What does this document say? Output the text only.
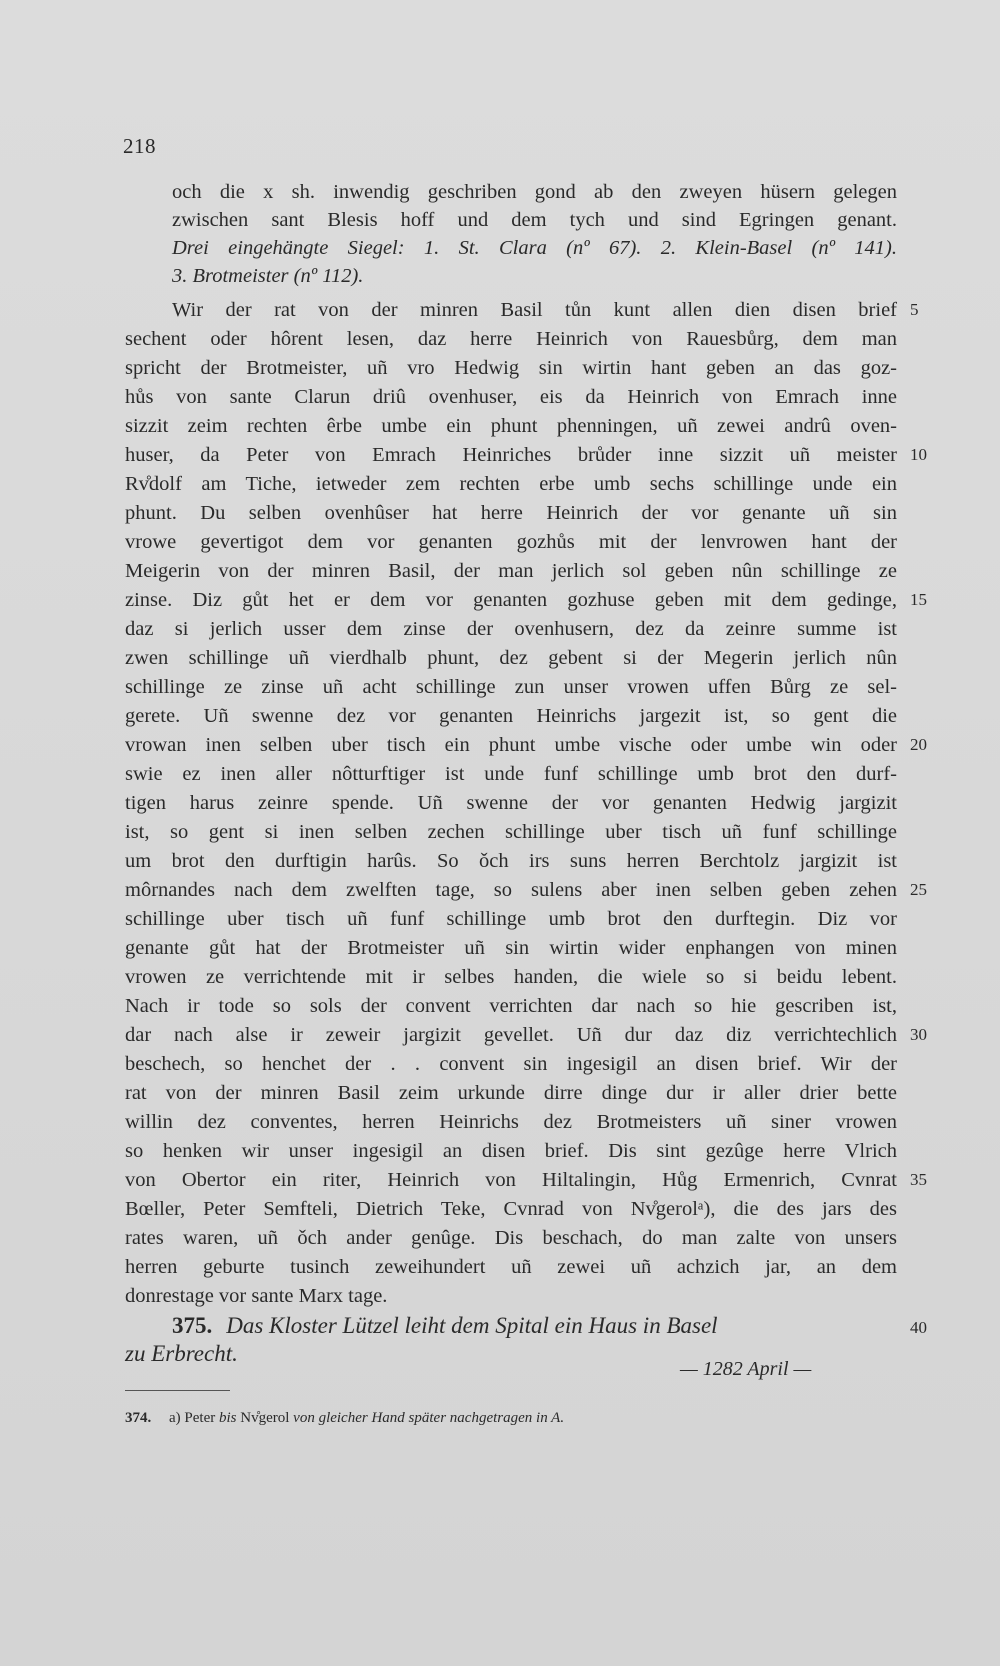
218
och die x sh. inwendig geschriben gond ab den zweyen hüsern gelegen
zwischen sant Blesis hoff und dem tych und sind Egringen genant.
Drei eingehängte Siegel: 1. St. Clara (nº 67). 2. Klein-Basel (nº 141).
3. Brotmeister (nº 112).
Wir der rat von der minren Basil tůn kunt allen dien disen brief
sechent oder hôrent lesen, daz herre Heinrich von Rauesbůrg, dem man
spricht der Brotmeister, uñ vro Hedwig sin wirtin hant geben an das goz-
hůs von sante Clarun driû ovenhuser, eis da Heinrich von Emrach inne
sizzit zeim rechten êrbe umbe ein phunt phenningen, uñ zewei andrû oven-
huser, da Peter von Emrach Heinriches brůder inne sizzit uñ meister
Rv̊dolf am Tiche, ietweder zem rechten erbe umb sechs schillinge unde ein
phunt. Du selben ovenhûser hat herre Heinrich der vor genante uñ sin
vrowe gevertigot dem vor genanten gozhůs mit der lenvrowen hant der
Meigerin von der minren Basil, der man jerlich sol geben nûn schillinge ze
zinse. Diz gůt het er dem vor genanten gozhuse geben mit dem gedinge,
daz si jerlich usser dem zinse der ovenhusern, dez da zeinre summe ist
zwen schillinge uñ vierdhalb phunt, dez gebent si der Megerin jerlich nûn
schillinge ze zinse uñ acht schillinge zun unser vrowen uffen Bůrg ze sel-
gerete. Uñ swenne dez vor genanten Heinrichs jargezit ist, so gent die
vrowan inen selben uber tisch ein phunt umbe vische oder umbe win oder
swie ez inen aller nôtturftiger ist unde funf schillinge umb brot den durf-
tigen harus zeinre spende. Uñ swenne der vor genanten Hedwig jargizit
ist, so gent si inen selben zechen schillinge uber tisch uñ funf schillinge
um brot den durftigin harûs. So ǒch irs suns herren Berchtolz jargizit ist
môrnandes nach dem zwelften tage, so sulens aber inen selben geben zehen
schillinge uber tisch uñ funf schillinge umb brot den durftegin. Diz vor
genante gůt hat der Brotmeister uñ sin wirtin wider enphangen von minen
vrowen ze verrichtende mit ir selbes handen, die wiele so si beidu lebent.
Nach ir tode so sols der convent verrichten dar nach so hie gescriben ist,
dar nach alse ir zeweir jargizit gevellet. Uñ dur daz diz verrichtechlich
beschech, so henchet der . . convent sin ingesigil an disen brief. Wir der
rat von der minren Basil zeim urkunde dirre dinge dur ir aller drier bette
willin dez conventes, herren Heinrichs dez Brotmeisters uñ siner vrowen
so henken wir unser ingesigil an disen brief. Dis sint gezûge herre Vlrich
von Obertor ein riter, Heinrich von Hiltalingin, Hůg Ermenrich, Cvnrat
Bœller, Peter Semfteli, Dietrich Teke, Cvnrad von Nv̊gerolᵃ), die des jars des
rates waren, uñ ǒch ander genûge. Dis beschach, do man zalte von unsers
herren geburte tusinch zeweihundert uñ zewei uñ achzich jar, an dem
donrestage vor sante Marx tage.
5
10
15
20
25
30
35
40
375. Das Kloster Lützel leiht dem Spital ein Haus in Basel
zu Erbrecht.
— 1282 April —
374. a) Peter bis Nv̊gerol von gleicher Hand später nachgetragen in A.
